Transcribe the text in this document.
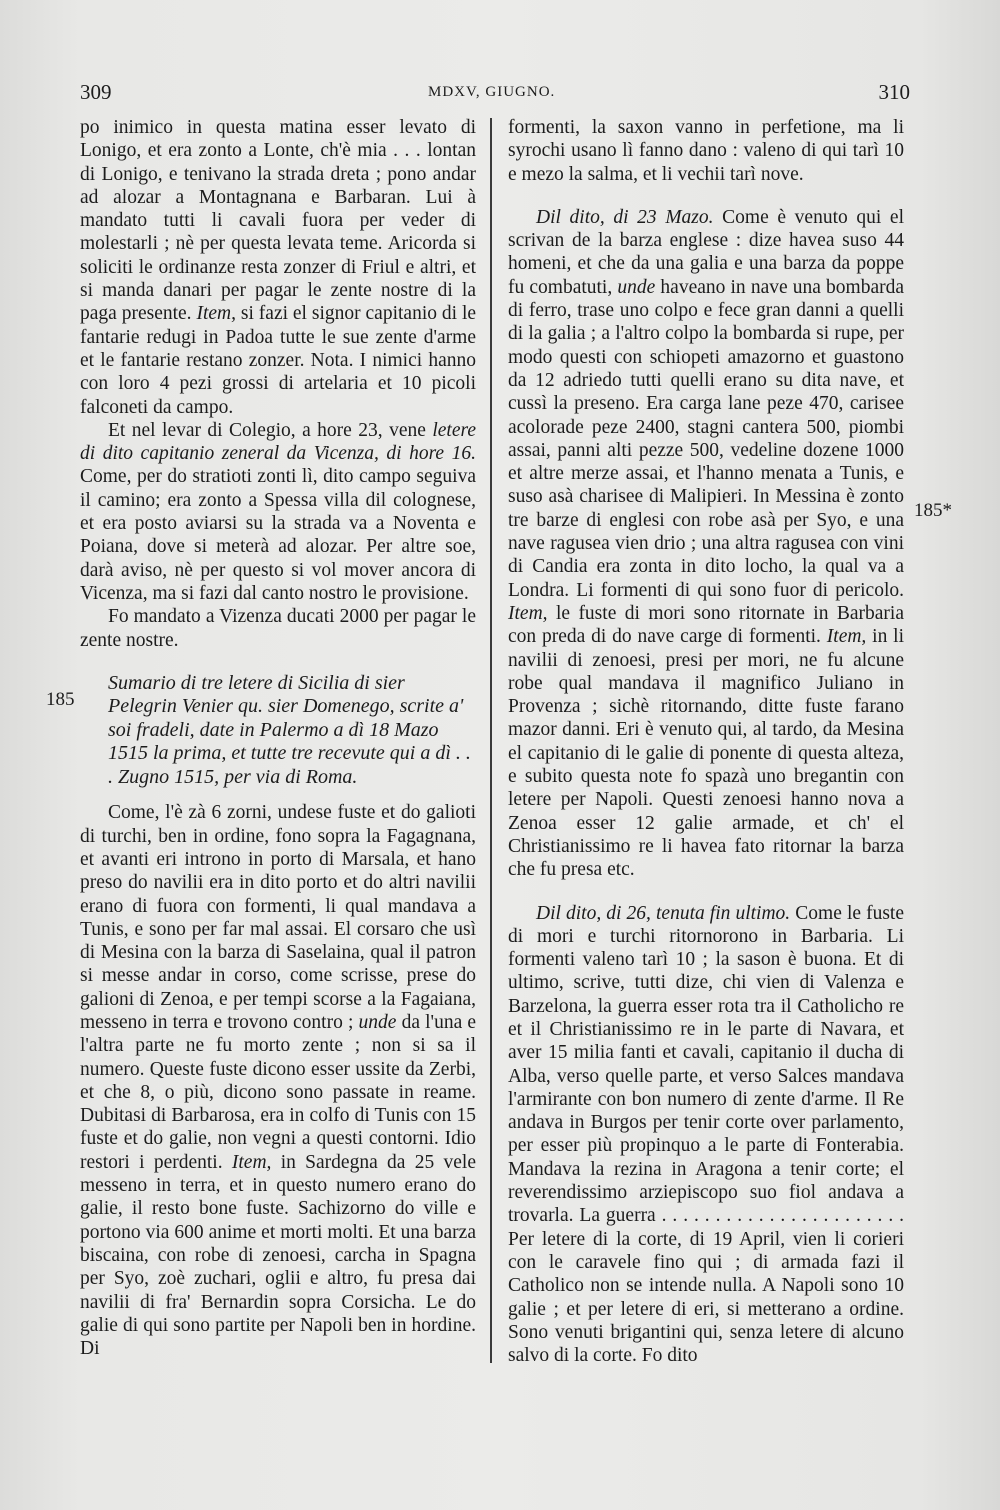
309	MDXV, GIUGNO.	310
185
185*

po inimico in questa matina esser levato di Lonigo, et era zonto a Lonte, ch'è mia . . . lontan di Lonigo, e tenivano la strada dreta ; pono andar ad alozar a Montagnana e Barbaran. Lui à mandato tutti li cavali fuora per veder di molestarli ; nè per questa levata teme. Aricorda si soliciti le ordinanze resta zonzer di Friul e altri, et si manda danari per pagar le zente nostre di la paga presente. Item, si fazi el signor capitanio di le fantarie redugi in Padoa tutte le sue zente d'arme et le fantarie restano zonzer. Nota. I nimici hanno con loro 4 pezi grossi di artelaria et 10 picoli falconeti da campo.

Et nel levar di Colegio, a hore 23, vene letere di dito capitanio zeneral da Vicenza, di hore 16. Come, per do stratioti zonti lì, dito campo seguiva il camino; era zonto a Spessa villa dil colognese, et era posto aviarsi su la strada va a Noventa e Poiana, dove si meterà ad alozar. Per altre soe, darà aviso, nè per questo si vol mover ancora di Vicenza, ma si fazi dal canto nostro le provisione.

Fo mandato a Vizenza ducati 2000 per pagar le zente nostre.

Sumario di tre letere di Sicilia di sier Pelegrin Venier qu. sier Domenego, scrite a' soi fradeli, date in Palermo a dì 18 Mazo 1515 la prima, et tutte tre recevute qui a dì . . . Zugno 1515, per via di Roma.

Come, l'è zà 6 zorni, undese fuste et do galioti di turchi, ben in ordine, fono sopra la Fagagnana, et avanti eri introno in porto di Marsala, et hano preso do navilii era in dito porto et do altri navilii erano di fuora con formenti, li qual mandava a Tunis, e sono per far mal assai. El corsaro che usì di Mesina con la barza di Saselaina, qual il patron si messe andar in corso, come scrisse, prese do galioni di Zenoa, e per tempi scorse a la Fagaiana, messeno in terra e trovono contro ; unde da l'una e l'altra parte ne fu morto zente ; non si sa il numero. Queste fuste dicono esser ussite da Zerbi, et che 8, o più, dicono sono passate in reame. Dubitasi di Barbarosa, era in colfo di Tunis con 15 fuste et do galie, non vegni a questi contorni. Idio restori i perdenti. Item, in Sardegna da 25 vele messeno in terra, et in questo numero erano do galie, il resto bone fuste. Sachizorno do ville e portono via 600 anime et morti molti. Et una barza biscaina, con robe di zenoesi, carcha in Spagna per Syo, zoè zuchari, oglii e altro, fu presa dai navilii di fra' Bernardin sopra Corsicha. Le do galie di qui sono partite per Napoli ben in hordine. Di

formenti, la saxon vanno in perfetione, ma li syrochi usano lì fanno dano : valeno di qui tarì 10 e mezo la salma, et li vechii tarì nove.

Dil dito, di 23 Mazo. Come è venuto qui el scrivan de la barza englese : dize havea suso 44 homeni, et che da una galia e una barza da poppe fu combatuti, unde haveano in nave una bombarda di ferro, trase uno colpo e fece gran danni a quelli di la galia ; a l'altro colpo la bombarda si rupe, per modo questi con schiopeti amazorno et guastono da 12 adriedo tutti quelli erano su dita nave, et cussì la preseno. Era carga lane peze 470, carisee acolorade peze 2400, stagni cantera 500, piombi assai, panni alti pezze 500, vedeline dozene 1000 et altre merze assai, et l'hanno menata a Tunis, e suso asà charisee di Malipieri. In Messina è zonto tre barze di englesi con robe asà per Syo, e una nave ragusea vien drio ; una altra ragusea con vini di Candia era zonta in dito locho, la qual va a Londra. Li formenti di qui sono fuor di pericolo. Item, le fuste di mori sono ritornate in Barbaria con preda di do nave carge di formenti. Item, in li navilii di zenoesi, presi per mori, ne fu alcune robe qual mandava il magnifico Juliano in Provenza ; sichè ritornando, ditte fuste farano mazor danni. Eri è venuto qui, al tardo, da Mesina el capitanio di le galie di ponente di questa alteza, e subito questa note fo spazà uno bregantin con letere per Napoli. Questi zenoesi hanno nova a Zenoa esser 12 galie armade, et ch' el Christianissimo re li havea fato ritornar la barza che fu presa etc.

Dil dito, di 26, tenuta fin ultimo. Come le fuste di mori e turchi ritornorono in Barbaria. Li formenti valeno tarì 10 ; la sason è buona. Et di ultimo, scrive, tutti dize, chi vien di Valenza e Barzelona, la guerra esser rota tra il Catholicho re et il Christianissimo re in le parte di Navara, et aver 15 milia fanti et cavali, capitanio il ducha di Alba, verso quelle parte, et verso Salces mandava l'armirante con bon numero di zente d'arme. Il Re andava in Burgos per tenir corte over parlamento, per esser più propinquo a le parte di Fonterabia. Mandava la rezina in Aragona a tenir corte; el reverendissimo arziepiscopo suo fiol andava a trovarla. La guerra . . . . . . . . . . . . . . . . . . . . . . . Per letere di la corte, di 19 April, vien li corieri con le caravele fino qui ; di armada fazi il Catholico non se intende nulla. A Napoli sono 10 galie ; et per letere di eri, si metterano a ordine. Sono venuti brigantini qui, senza letere di alcuno salvo di la corte. Fo dito
